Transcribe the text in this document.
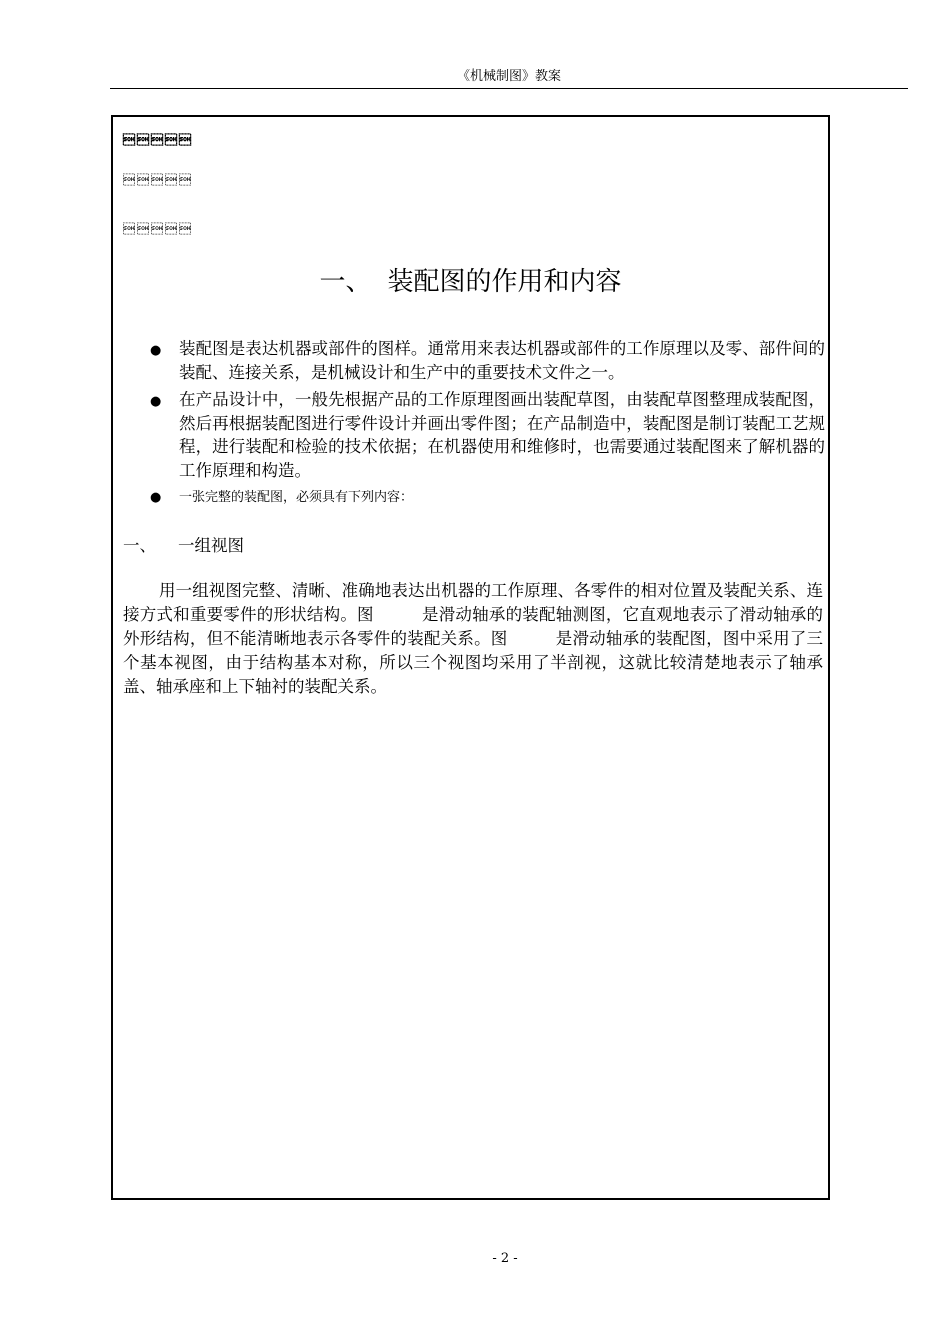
《机械制图》教案



一、 装配图的作用和内容
● 装配图是表达机器或部件的图样。通常用来表达机器或部件的工作原理以及零、部件间的装配、连接关系，是机械设计和生产中的重要技术文件之一。
● 在产品设计中，一般先根据产品的工作原理图画出装配草图，由装配草图整理成装配图，然后再根据装配图进行零件设计并画出零件图；在产品制造中，装配图是制订装配工艺规程，进行装配和检验的技术依据；在机器使用和维修时，也需要通过装配图来了解机器的工作原理和构造。
● 一张完整的装配图，必须具有下列内容：
一、 一组视图

用一组视图完整、清晰、准确地表达出机器的工作原理、各零件的相对位置及装配关系、连接方式和重要零件的形状结构。图	是滑动轴承的装配轴测图，它直观地表示了滑动轴承的外形结构，但不能清晰地表示各零件的装配关系。图	是滑动轴承的装配图，图中采用了三个基本视图，由于结构基本对称，所以三个视图均采用了半剖视，这就比较清楚地表示了轴承盖、轴承座和上下轴衬的装配关系。

- 2 -
